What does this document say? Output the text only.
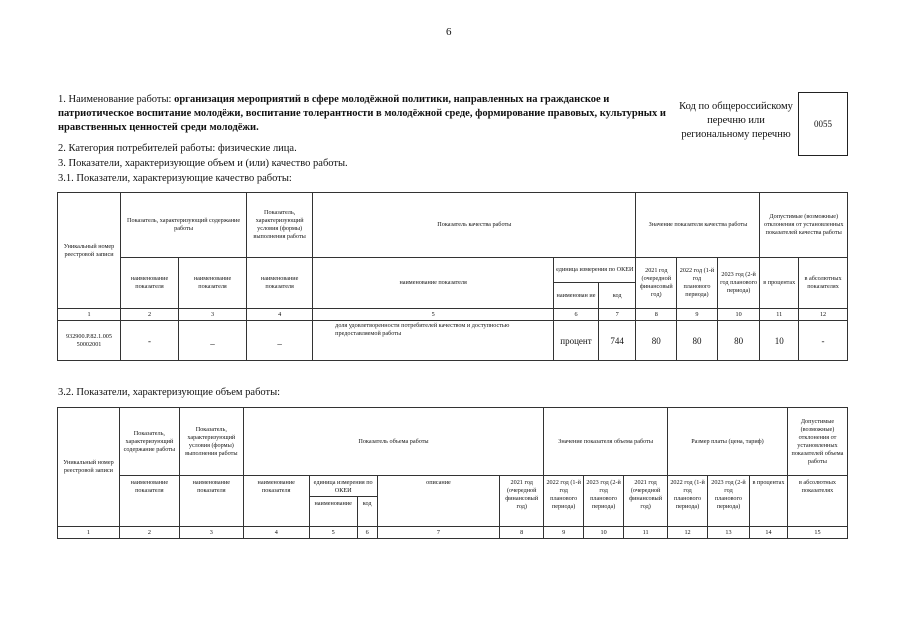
6
1. Наименование работы: организация мероприятий в сфере молодёжной политики, направленных на гражданское и патриотическое воспитание молодёжи, воспитание толерантности в молодёжной среде, формирование правовых, культурных и нравственных ценностей среди молодёжи.
Код по общероссийскому перечню или региональному перечню
0055
2. Категория потребителей работы: физические лица.
3. Показатели, характеризующие объем и (или) качество работы.
3.1. Показатели, характеризующие качество работы:
Уникальный номер реестровой записи	Показатель, характеризующий содержание работы		Показатель, характеризующий условия (формы) выполнения работы	Показатель качества работы			Значение показателя качества работы			Допустимые (возможные) отклонения от установленных показателей качества работы	
	наименование показателя	наименование показателя	наименование показателя	наименование показателя	единица измерения по ОКЕИ		2021 год (очередной финансовый год)	2022 год (1-й год планового периода)	2023 год (2-й год планового периода)	в процентах	в абсолютных показателях
					наименован ие	код					
1	2	3	4	5	6	7	8	9	10	11	12
932900.Р.82.1.005 50002001	-	_	_	доля удовлетворенности потребителей качеством и доступностью предоставляемой работы	процент	744	80	80	80	10	-
3.2. Показатели, характеризующие объем работы:
Уникальный номер реестровой записи	Показатель, характеризующий содержание работы	Показатель, характеризующий условия (формы) выполнения работы	Показатель объема работы					Значение показателя объема работы			Размер платы (цена, тариф)			Допустимые (возможные) отклонения от установленных показателей объема работы
	наименование показателя	наименование показателя	наименование показателя	единица измерения по ОКЕИ		описание	2021 год (очередной финансовый год)	2022 год (1-й год планового периода)	2023 год (2-й год планового периода)	2021 год (очередной финансовый год)	2022 год (1-й год планового периода)	2023 год (2-й год планового периода)	в процентах	в абсолютных показателях
				наименование	код									
1	2	3	4	5	6	7	8	9	10	11	12	13	14	15
